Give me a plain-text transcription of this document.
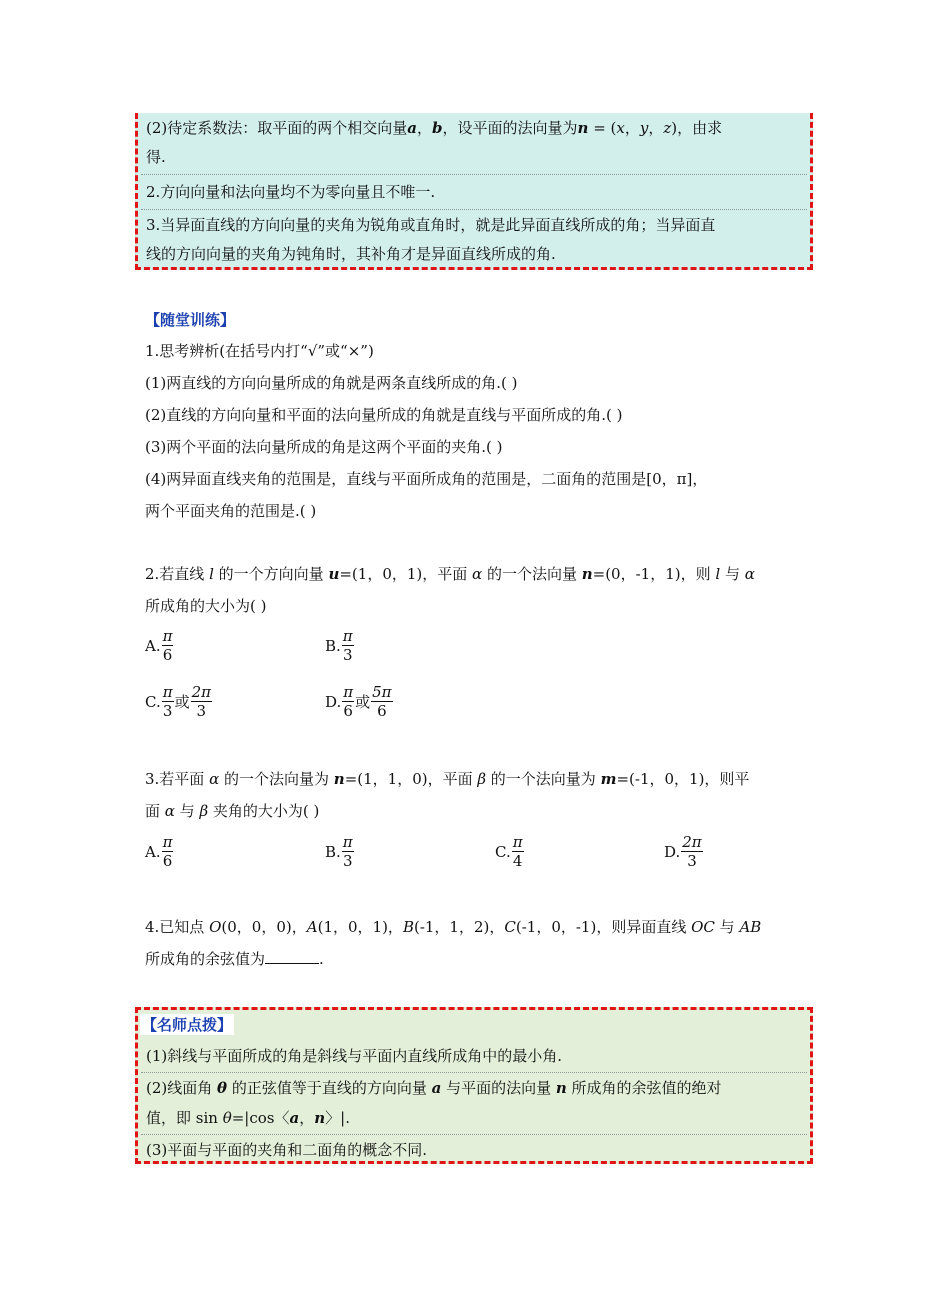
(2)待定系数法：取平面的两个相交向量a，b，设平面的法向量为n = (x，y，z)，由求
得.
2.方向向量和法向量均不为零向量且不唯一.
3.当异面直线的方向向量的夹角为锐角或直角时，就是此异面直线所成的角；当异面直
线的方向向量的夹角为钝角时，其补角才是异面直线所成的角.
【随堂训练】
1.思考辨析(在括号内打“√”或“×”)
(1)两直线的方向向量所成的角就是两条直线所成的角.( )
(2)直线的方向向量和平面的法向量所成的角就是直线与平面所成的角.( )
(3)两个平面的法向量所成的角是这两个平面的夹角.( )
(4)两异面直线夹角的范围是，直线与平面所成角的范围是，二面角的范围是[0，π]，
两个平面夹角的范围是.( )
2.若直线 l 的一个方向向量 u=(1，0，1)，平面 α 的一个法向量 n=(0，-1，1)，则 l 与 α
所成角的大小为( )
A. $\frac{\pi}{6}$	B. $\frac{\pi}{3}$
C. $\frac{\pi}{3}$ 或 $\frac{2\pi}{3}$	D. $\frac{\pi}{6}$ 或 $\frac{5\pi}{6}$
3.若平面 α 的一个法向量为 n=(1，1，0)，平面 β 的一个法向量为 m=(-1，0，1)，则平
面 α 与 β 夹角的大小为( )
A. $\frac{\pi}{6}$	B. $\frac{\pi}{3}$	C. $\frac{\pi}{4}$	D. $\frac{2\pi}{3}$
4.已知点 O(0，0，0)，A(1，0，1)，B(-1，1，2)，C(-1，0，-1)，则异面直线 OC 与 AB
所成角的余弦值为	.
【名师点拨】
(1)斜线与平面所成的角是斜线与平面内直线所成角中的最小角.
(2)线面角 θ 的正弦值等于直线的方向向量 a 与平面的法向量 n 所成角的余弦值的绝对
值，即 sin θ=|cos〈a，n〉|.
(3)平面与平面的夹角和二面角的概念不同.
